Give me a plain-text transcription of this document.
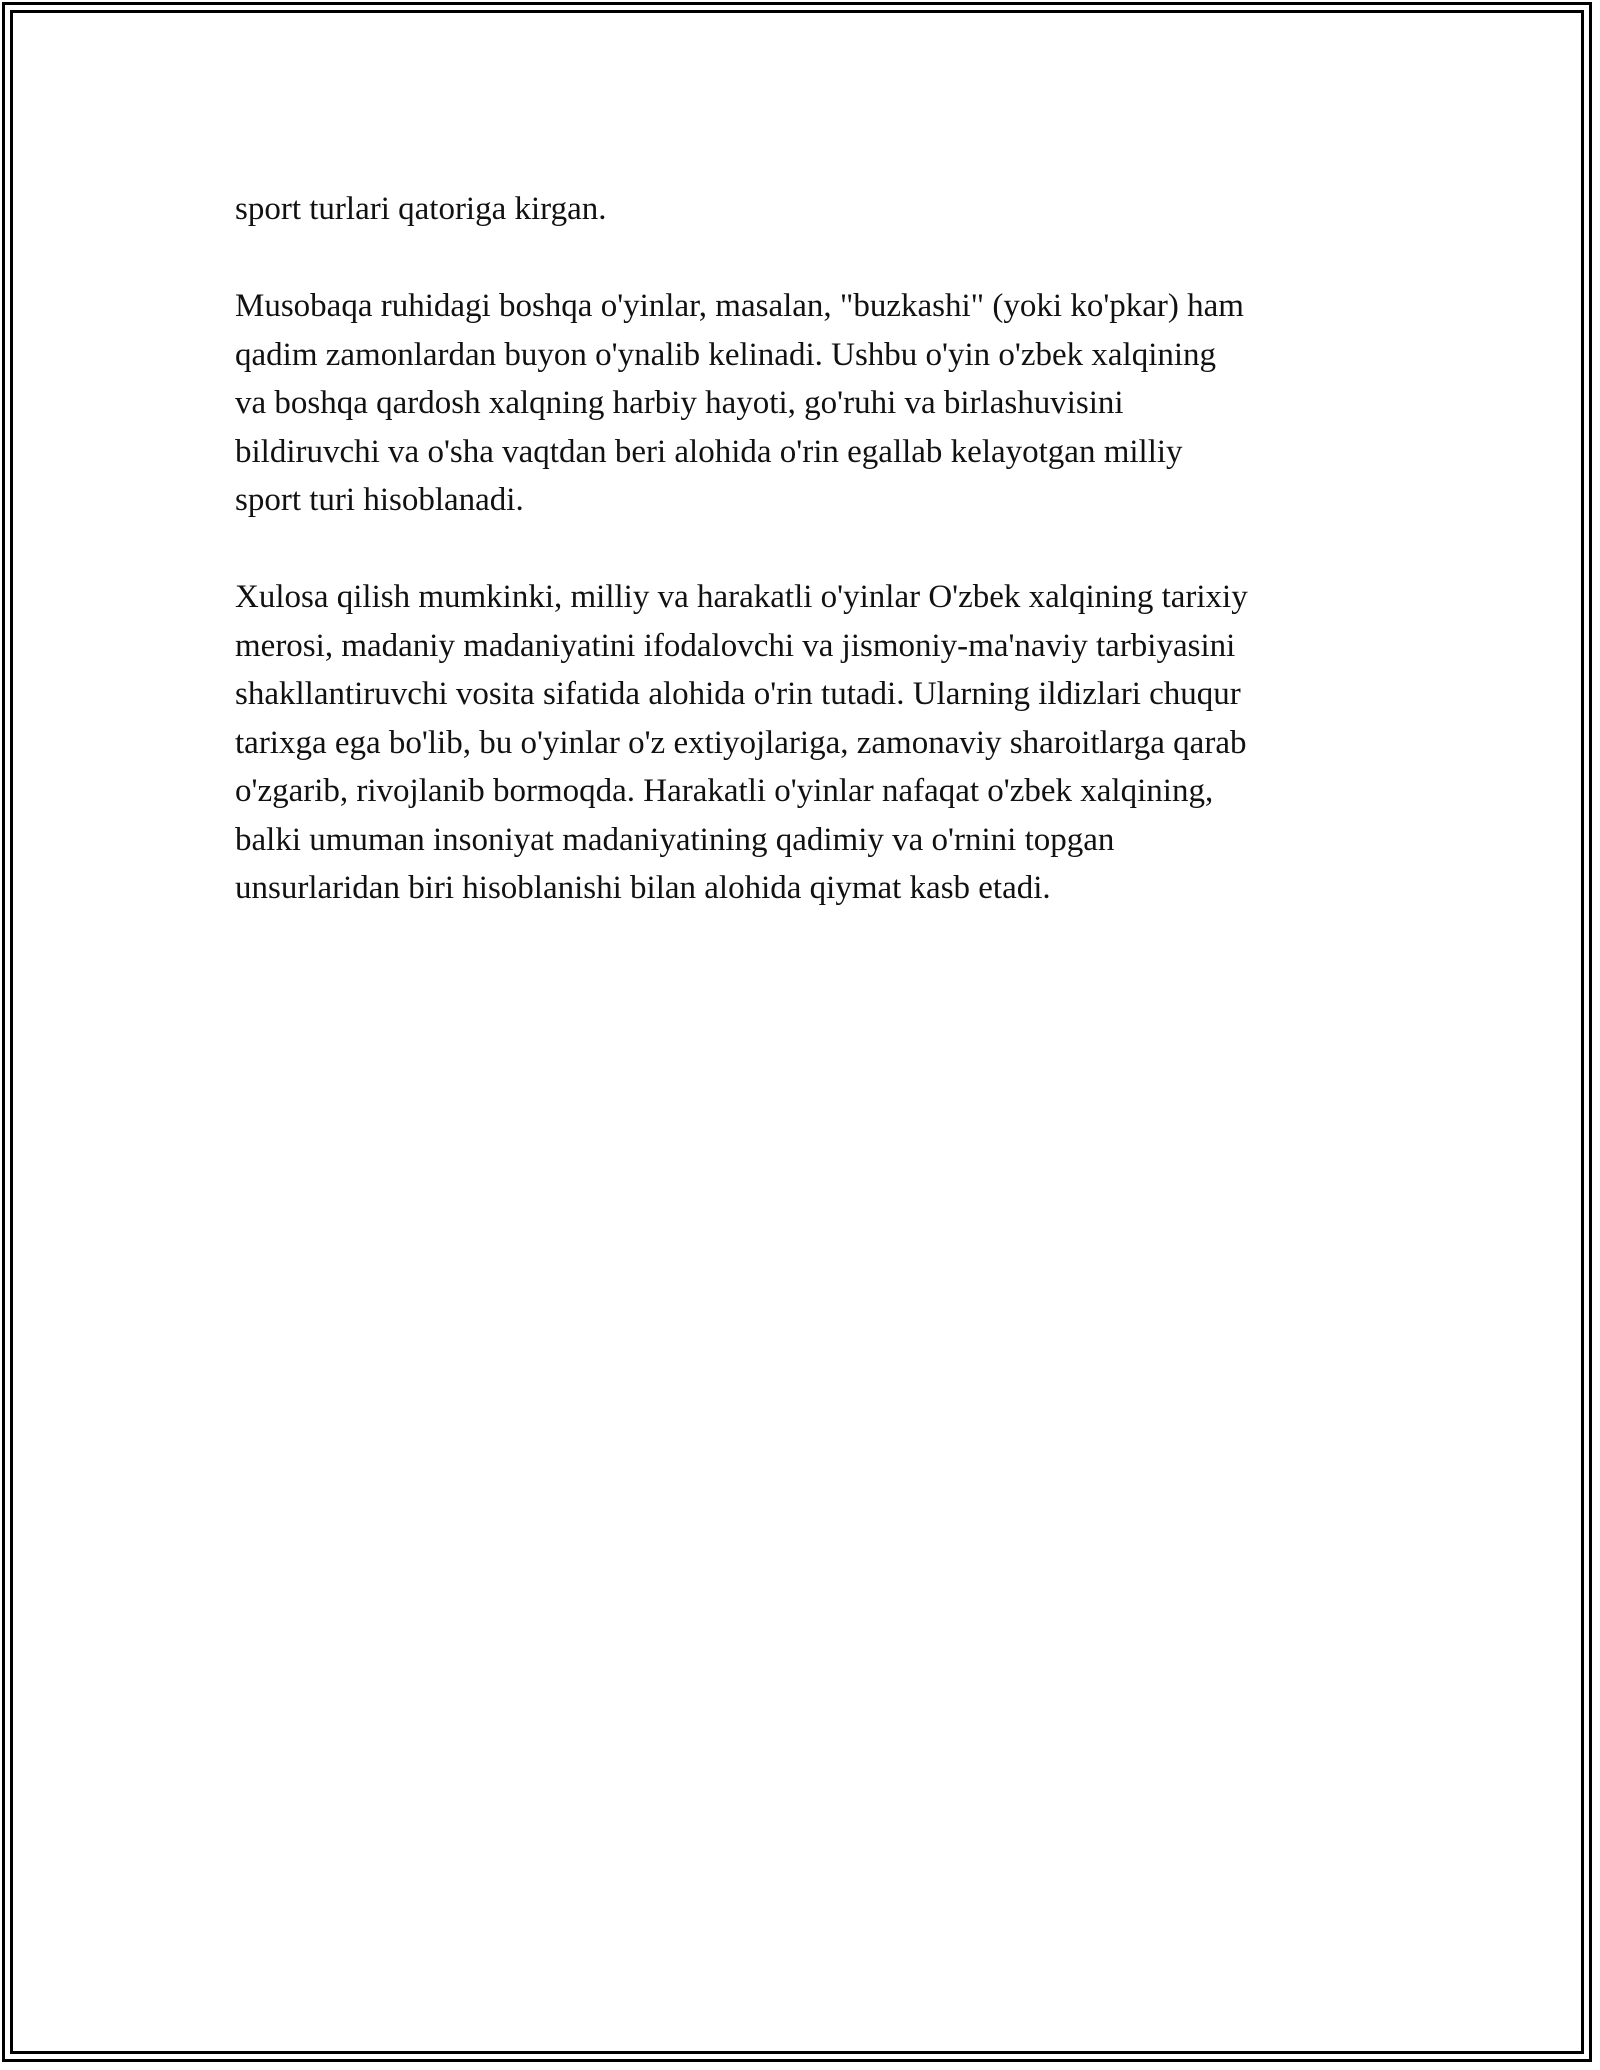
sport turlari qatoriga kirgan.
Musobaqa ruhidagi boshqa o'yinlar, masalan, "buzkashi" (yoki ko'pkar) ham
qadim zamonlardan buyon o'ynalib kelinadi. Ushbu o'yin o'zbek xalqining
va boshqa qardosh xalqning harbiy hayoti, go'ruhi va birlashuvisini
bildiruvchi va o'sha vaqtdan beri alohida o'rin egallab kelayotgan milliy
sport turi hisoblanadi.
Xulosa qilish mumkinki, milliy va harakatli o'yinlar O'zbek xalqining tarixiy
merosi, madaniy madaniyatini ifodalovchi va jismoniy-ma'naviy tarbiyasini
shakllantiruvchi vosita sifatida alohida o'rin tutadi. Ularning ildizlari chuqur
tarixga ega bo'lib, bu o'yinlar o'z extiyojlariga, zamonaviy sharoitlarga qarab
o'zgarib, rivojlanib bormoqda. Harakatli o'yinlar nafaqat o'zbek xalqining,
balki umuman insoniyat madaniyatining qadimiy va o'rnini topgan
unsurlaridan biri hisoblanishi bilan alohida qiymat kasb etadi.
